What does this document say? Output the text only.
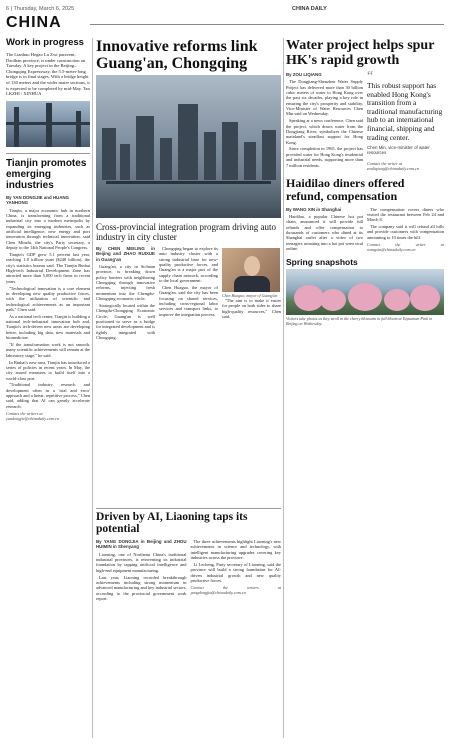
6 | Thursday, March 6, 2025	CHINA DAILY
CHINA
Work in progress
The Lianhuo Hegao Lu Zwi paravent, Daolhan province, is under construction on Tuesday. A key project in the Beijing–Chongqing Expressway, the 5.5-meter-long bridge is in final stages. With a bridge height of 130 meters and the wider mater sections, it is expected to be completed by mid-May. Tan LKZHI / XINHUA
Tianjin promotes emerging industries
By YAN DONGJIE and HUANG YANHONG

Tianjin, a major economic hub in northern China, is transforming from a traditional industrial city into a modern metropolis by expanding its emerging industries, such as artificial intelligence, new energy and port innovation through technical innovation, said Chen Minzhi, the city's Party secretary, a deputy to the 14th National People's Congress.

Tianjin's GDP grew 5.1 percent last year, reaching 1.8 trillion yuan ($248 billion), the city's statistics bureau said. The Tianjin Binhai High-tech Industrial Development Zone has attracted more than 5,000 tech firms in recent years.

"Technological innovation is a core element in developing new quality productive forces, with the utilization of scientific and technological achievements as an important path," Chen said.

As a national tech center, Tianjin is building a national tech-industrial innovation hub and, Tianjin's tech-driven new areas are developing better, including big data, new materials and biomedicine.

"If the transformation work is not smooth, many scientific achievements will remain at the laboratory stage," he said.

In Binhai's new area, Tianjin has introduced a series of policies in recent years. In May, the city issued measures to build itself into a world-class port.

"Traditional industry research and development often in a 'trial and error' approach and a linear, repetitive process," Chen said, adding that AI can greatly accelerate research.

Contact the writers at yandongjie@chinadaily.com.cn
Innovative reforms link Guang'an, Chongqing
Cross-provincial integration program driving auto industry in city cluster
By CHEN MEILING in Beijing and ZHAO RUIXUE in Guang'an

Guang'an, a city in Sichuan province, is breaking down policy barriers with neighboring Chongqing through innovative reforms, injecting fresh momentum into the Chengdu-Chongqing economic circle.

Strategically located within the Chengdu-Chongqing Economic Circle, Guang'an is well positioned to serve as a bridge for integrated development and is tightly integrated with Chongqing.

Chongqing began to explore its auto industry cluster with a strong industrial base for new-quality productive forces, and Guang'an is a major part of the supply chain network, according to the local government.

Chen Huaguo, the mayor of Guang'an, said the city has been focusing on shared services, including cross-regional labor services and transport links, to improve the integration process.

Chen Huaguo, mayor of Guang'an

"The aim is to make it easier for people on both sides to share high-quality resources," Chen said.

Driven by AI, Liaoning taps its potential
By YANG DONGJIA in Beijing and ZHOU HUIMIN in Shenyang

Liaoning, one of Northeast China's traditional industrial provinces, is reinventing its industrial foundation by tapping artificial intelligence and high-end equipment manufacturing.

Last year, Liaoning recorded breakthrough achievements including strong momentum in advanced manufacturing and key industrial sectors, according to the provincial government work report.

The three achievements highlight Liaoning's new achievements in science and technology, with intelligent manufacturing upgrades covering key industries across the province.

Li Lecheng, Party secretary of Liaoning, said the province will build a strong foundation for AI-driven industrial growth and new quality productive forces.

Contact the writers at yangdongjia@chinadaily.com.cn
Water project helps spur HK's rapid growth
By ZOU LIQIANG

The Dongjiang-Shenzhen Water Supply Project has delivered more than 30 billion cubic meters of water to Hong Kong over the past six decades, playing a key role in ensuring the city's prosperity and stability, Vice-Minister of Water Resources Chen Min said on Wednesday.

Speaking at a news conference, Chen said the project, which draws water from the Dongjiang River, symbolizes the Chinese mainland's steadfast support for Hong Kong.

Since completion in 1965, the project has provided water for Hong Kong's residential and industrial needs, supporting more than 7 million residents.

“
This robust support has enabled Hong Kong's transition from a traditional manufacturing hub to an international financial, shipping and trading center.
Chen Min, vice-minister of water resources
Contact the writer at zouliqiang@chinadaily.com.cn
Haidilao diners offered refund, compensation
By WANG XIN in Shanghai

Haidilao, a popular Chinese hot pot chain, announced it will provide full refunds and offer compensation to thousands of customers who dined at its Shanghai outlet after a video of two teenagers urinating into a hot pot went viral online.

The compensation covers diners who visited the restaurant between Feb 24 and March 8.

The company said it will refund all bills and provide customers with compensation amounting to 10 times the bill.

Contact the writer at wangxin@chinadaily.com.cn
Spring snapshots
Visitors take photos as they stroll in the cherry blossoms in full bloom at Yuyuantan Park in Beijing on Wednesday.
